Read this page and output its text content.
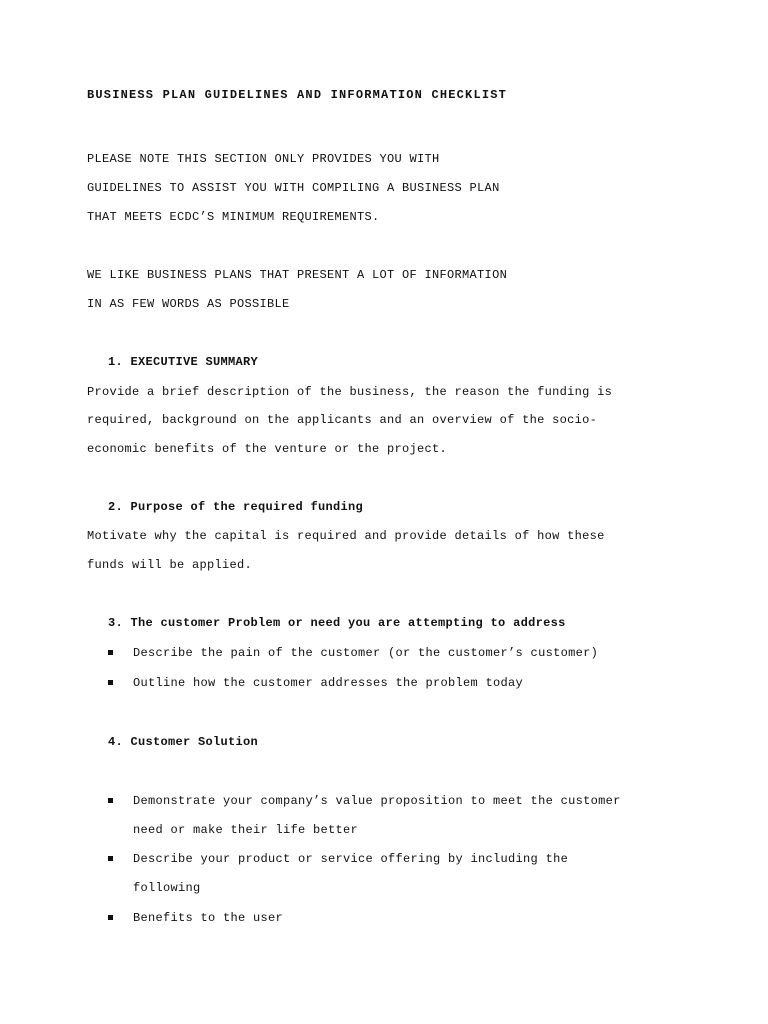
BUSINESS PLAN GUIDELINES AND INFORMATION CHECKLIST
PLEASE NOTE THIS SECTION ONLY PROVIDES YOU WITH
GUIDELINES TO ASSIST YOU WITH COMPILING A BUSINESS PLAN
THAT MEETS ECDC’S MINIMUM REQUIREMENTS.
WE LIKE BUSINESS PLANS THAT PRESENT A LOT OF INFORMATION
IN AS FEW WORDS AS POSSIBLE
1. EXECUTIVE SUMMARY
Provide a brief description of the business, the reason the funding is
required, background on the applicants and an overview of the socio-
economic benefits of the venture or the project.
2. Purpose of the required funding
Motivate why the capital is required and provide details of how these
funds will be applied.
3. The customer Problem or need you are attempting to address
Describe the pain of the customer (or the customer’s customer)
Outline how the customer addresses the problem today
4. Customer Solution
Demonstrate your company’s value proposition to meet the customer
need or make their life better
Describe your product or service offering by including the
following
Benefits to the user
